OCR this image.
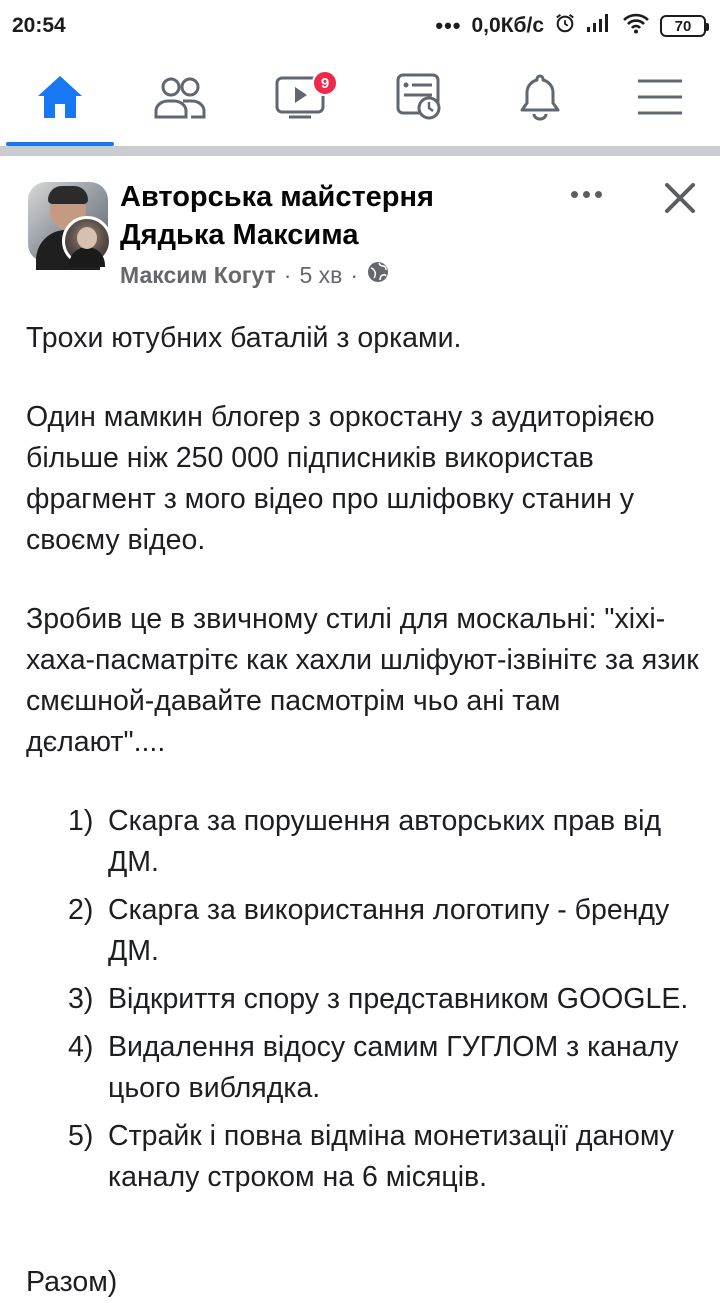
20:54	••• 0,0Кб/с	70
9
Авторська майстерня Дядька Максима
Максим Когут · 5 хв ·

Трохи ютубних баталій з орками.

Один мамкин блогер з оркостану з аудиторіяєю більше ніж 250 000 підписників використав фрагмент з мого відео про шліфовку станин у своєму відео.

Зробив це в звичному стилі для москальні: "хіхі-хаха-пасматрітє как хахли шліфуют-ізвінітє за язик смєшной-давайте пасмотрім чьо ані там дєлают"....

1) Скарга за порушення авторських прав від ДМ.
2) Скарга за використання логотипу - бренду ДМ.
3) Відкриття спору з представником GOOGLE.
4) Видалення відосу самим ГУГЛОМ з каналу цього виблядка.
5) Страйк і повна відміна монетизації даному каналу строком на 6 місяців.
Разом)
